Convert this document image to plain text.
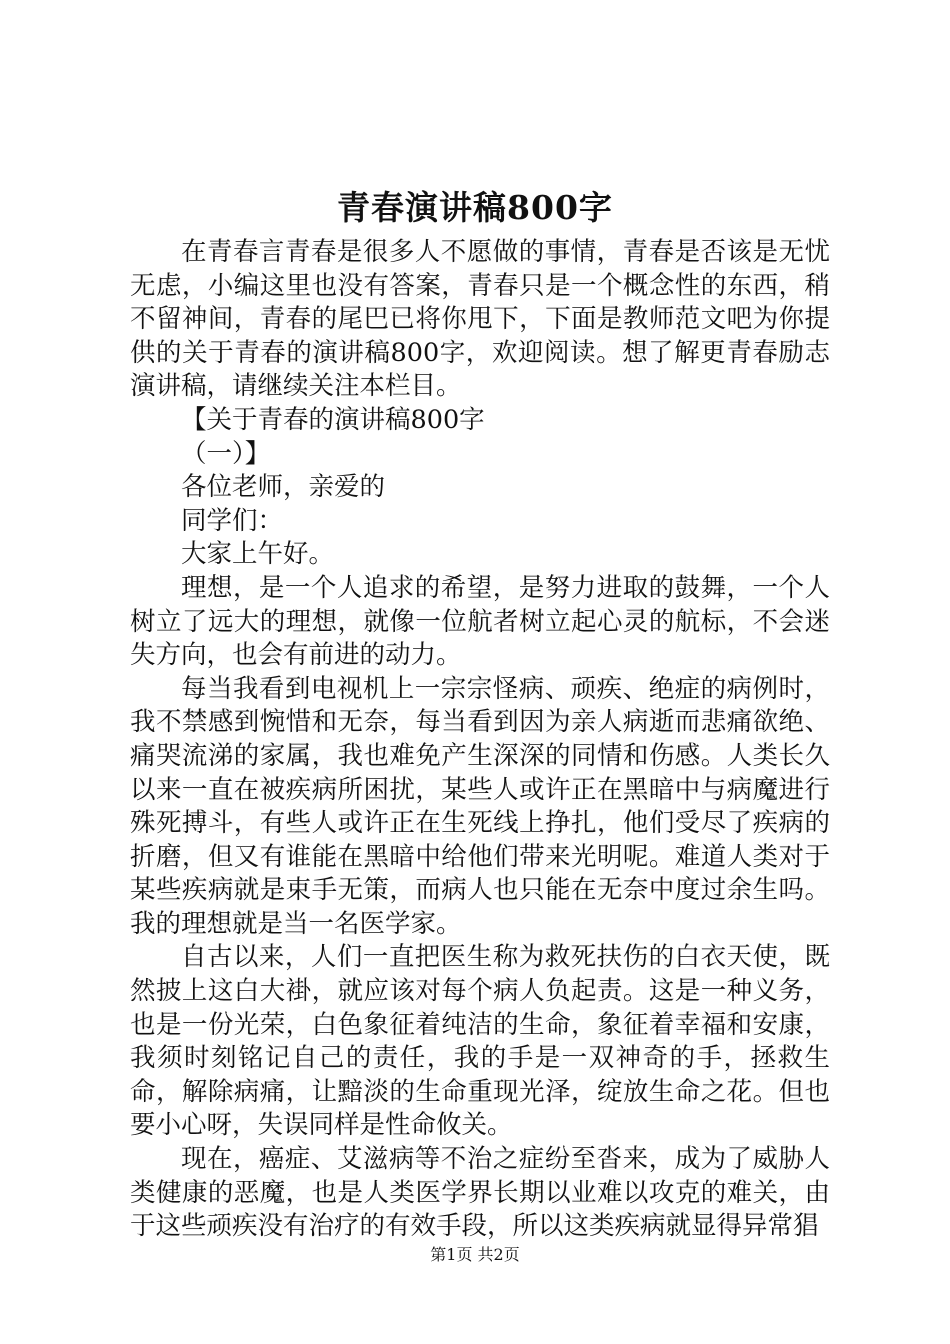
青春演讲稿800字

在青春言青春是很多人不愿做的事情，青春是否该是无忧无虑，小编这里也没有答案，青春只是一个概念性的东西，稍不留神间，青春的尾巴已将你甩下，下面是教师范文吧为你提供的关于青春的演讲稿800字，欢迎阅读。想了解更青春励志演讲稿，请继续关注本栏目。

【关于青春的演讲稿800字

（一）】

各位老师，亲爱的

同学们：

大家上午好。

理想，是一个人追求的希望，是努力进取的鼓舞，一个人树立了远大的理想，就像一位航者树立起心灵的航标，不会迷失方向，也会有前进的动力。

每当我看到电视机上一宗宗怪病、顽疾、绝症的病例时，我不禁感到惋惜和无奈，每当看到因为亲人病逝而悲痛欲绝、痛哭流涕的家属，我也难免产生深深的同情和伤感。人类长久以来一直在被疾病所困扰，某些人或许正在黑暗中与病魔进行殊死搏斗，有些人或许正在生死线上挣扎，他们受尽了疾病的折磨，但又有谁能在黑暗中给他们带来光明呢。难道人类对于某些疾病就是束手无策，而病人也只能在无奈中度过余生吗。我的理想就是当一名医学家。

自古以来，人们一直把医生称为救死扶伤的白衣天使，既然披上这白大褂，就应该对每个病人负起责。这是一种义务，也是一份光荣，白色象征着纯洁的生命，象征着幸福和安康，我须时刻铭记自己的责任，我的手是一双神奇的手，拯救生命，解除病痛，让黯淡的生命重现光泽，绽放生命之花。但也要小心呀，失误同样是性命攸关。

现在，癌症、艾滋病等不治之症纷至沓来，成为了威胁人类健康的恶魔，也是人类医学界长期以业难以攻克的难关，由于这些顽疾没有治疗的有效手段，所以这类疾病就显得异常猖

第1页 共2页
